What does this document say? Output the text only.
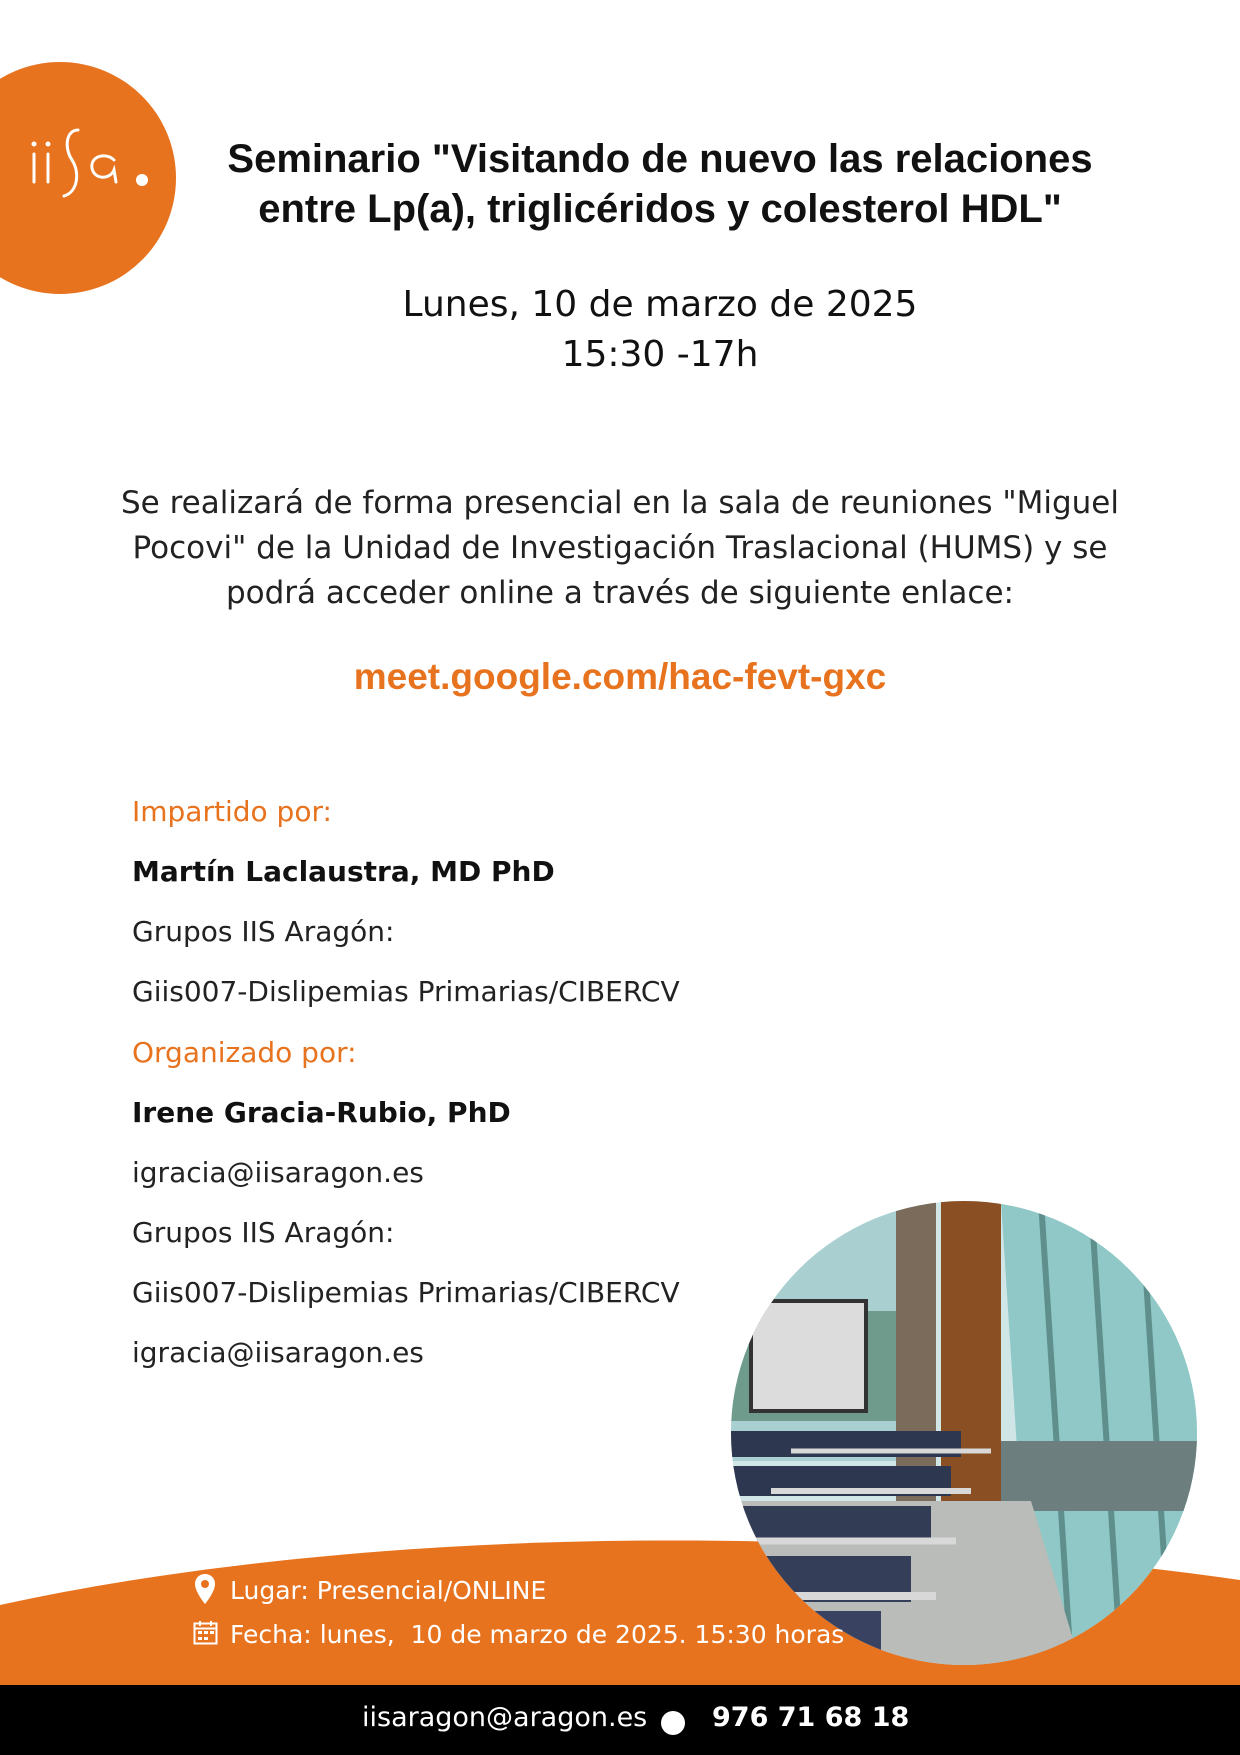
Seminario "Visitando de nuevo las relaciones
entre Lp(a), triglicéridos y colesterol HDL"

Lunes, 10 de marzo de 2025

15:30 -17h

Se realizará de forma presencial en la sala de reuniones "Miguel
Pocovi" de la Unidad de Investigación Traslacional (HUMS) y se
podrá acceder online a través de siguiente enlace:

meet.google.com/hac-fevt-gxc

Impartido por:

Martín Laclaustra, MD PhD

Grupos IIS Aragón:

Giis007-Dislipemias Primarias/CIBERCV

Organizado por:

Irene Gracia-Rubio, PhD

igracia@iisaragon.es

Grupos IIS Aragón:

Giis007-Dislipemias Primarias/CIBERCV

igracia@iisaragon.es

Lugar: Presencial/ONLINE

Fecha: lunes,  10 de marzo de 2025. 15:30 horas

iisaragon@aragon.es 976 71 68 18
